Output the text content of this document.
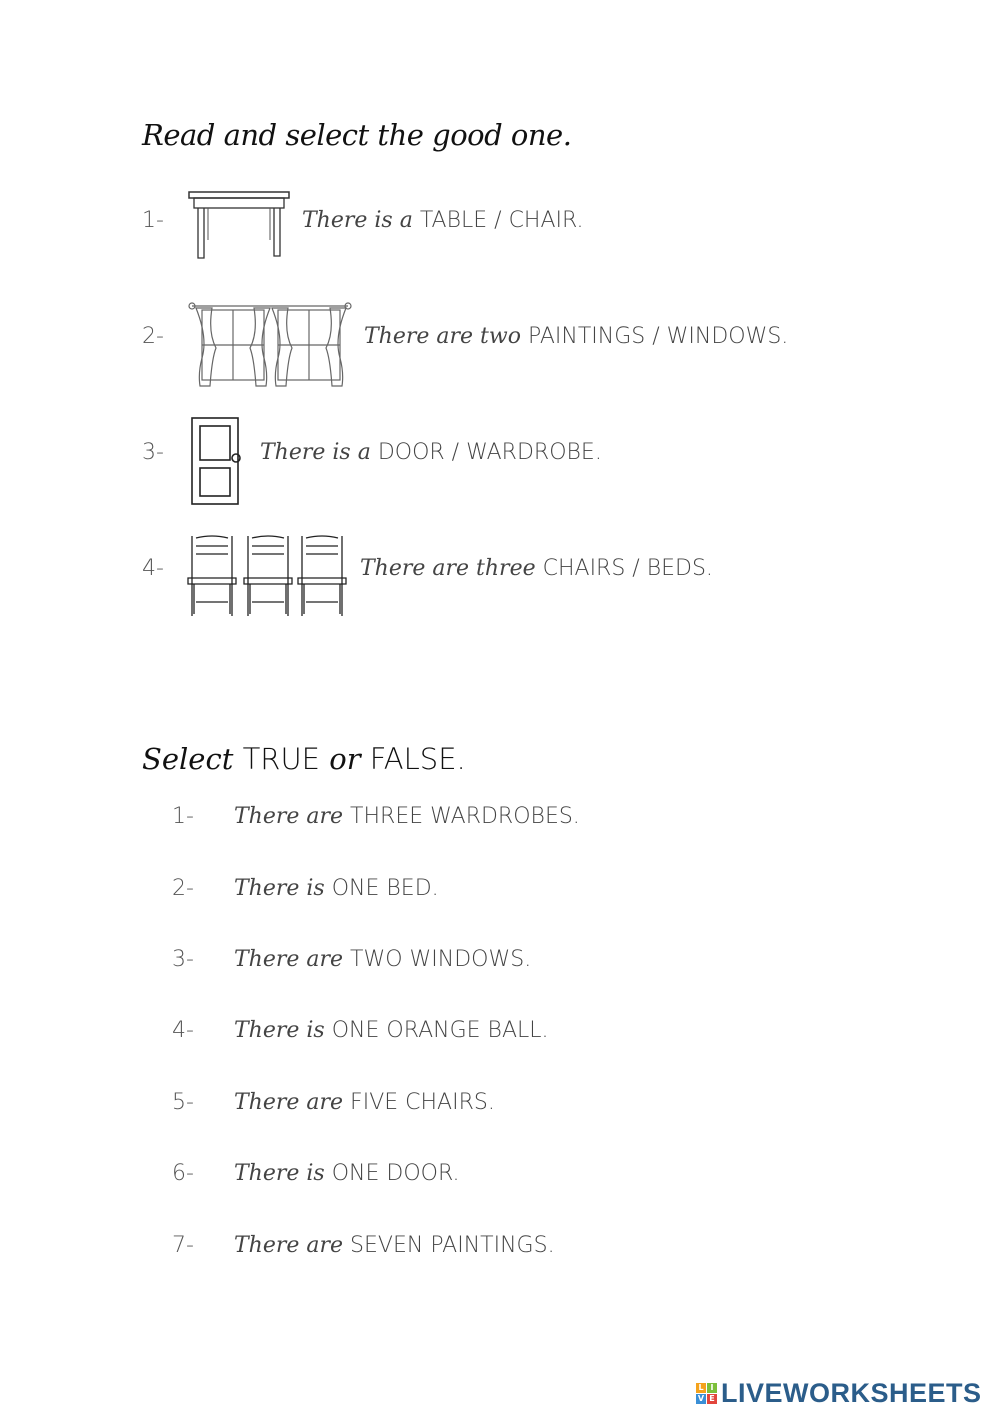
Read and select the good one.
1-	There is a TABLE / CHAIR.
2-	There are two PAINTINGS / WINDOWS.
3-	There is a DOOR / WARDROBE.
4-	There are three CHAIRS / BEDS.
Select TRUE or FALSE.
1- There are THREE WARDROBES.
2- There is ONE BED.
3- There are TWO WINDOWS.
4- There is ONE ORANGE BALL.
5- There are FIVE CHAIRS.
6- There is ONE DOOR.
7- There are SEVEN PAINTINGS.
L I
V E LIVEWORKSHEETS
